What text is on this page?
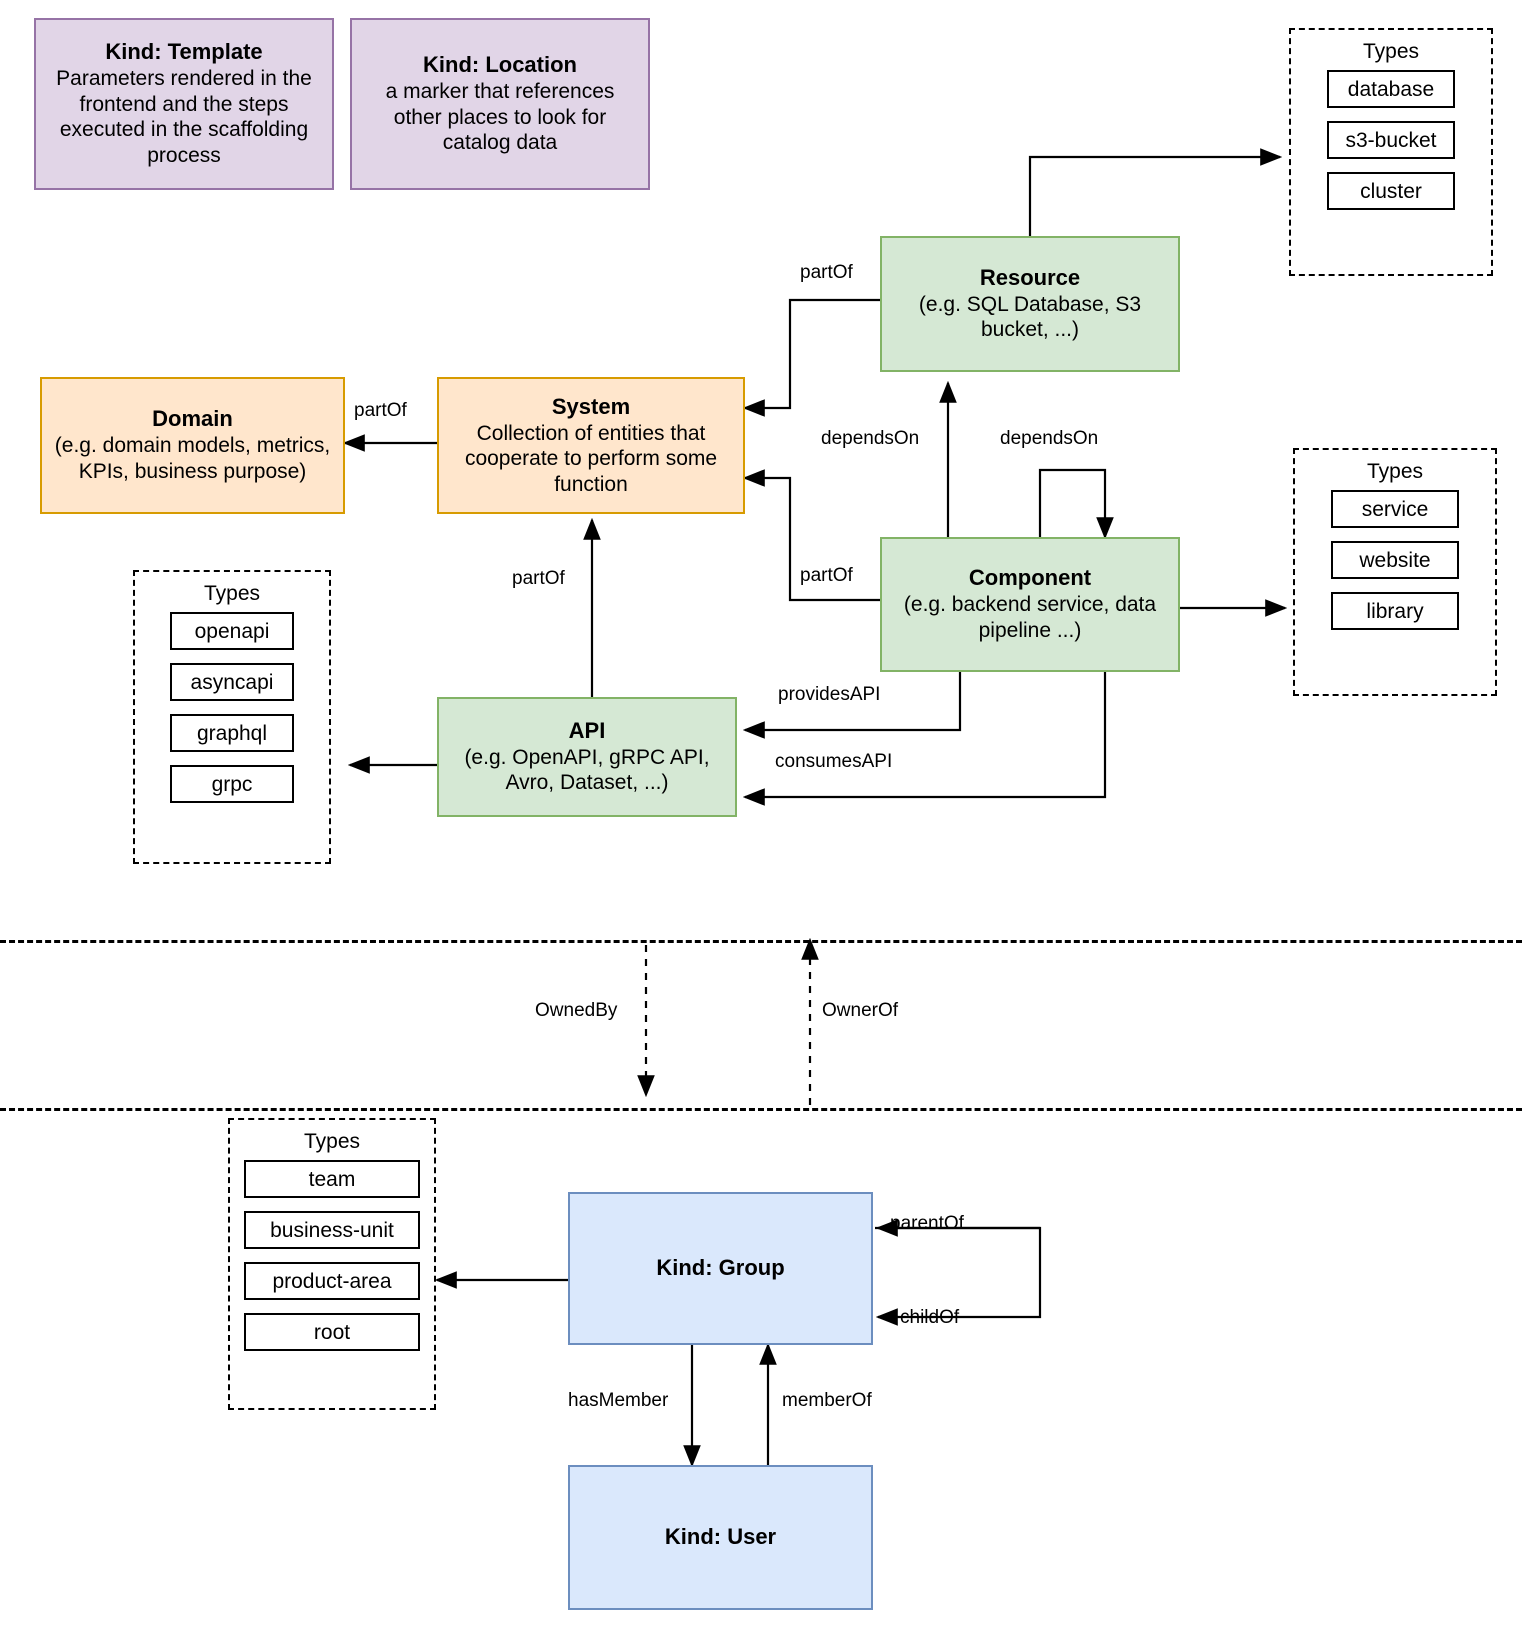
Kind: Template
Parameters rendered in the frontend and the steps executed in the scaffolding process
Kind: Location
a marker that references other places to look for catalog data
Types
database
s3-bucket
cluster
Resource
(e.g. SQL Database, S3 bucket, ...)
Domain
(e.g. domain models, metrics, KPIs, business purpose)
System
Collection of entities that cooperate to perform some function
Types
service
website
library
Component
(e.g. backend service, data pipeline ...)
Types
openapi
asyncapi
graphql
grpc
API
(e.g. OpenAPI, gRPC API, Avro, Dataset, ...)
Types
team
business-unit
product-area
root
Kind: Group
Kind: User
partOf
partOf
dependsOn	dependsOn
partOf	partOf
providesAPI
consumesAPI
OwnedBy	OwnerOf
parentOf
childOf
hasMember	memberOf
